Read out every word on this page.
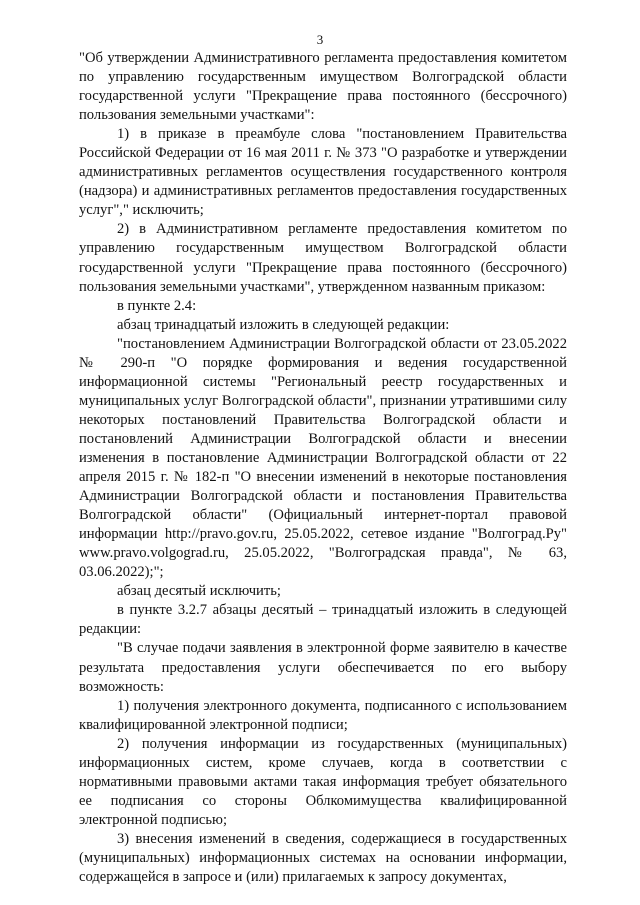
3

"Об утверждении Административного регламента предоставления комитетом по управлению государственным имуществом Волгоградской области государственной услуги "Прекращение права постоянного (бессрочного) пользования земельными участками":

1) в приказе в преамбуле слова "постановлением Правительства Российской Федерации от 16 мая 2011 г. № 373 "О разработке и утверждении административных регламентов осуществления государственного контроля (надзора) и административных регламентов предоставления государственных услуг"," исключить;

2) в Административном регламенте предоставления комитетом по управлению государственным имуществом Волгоградской области государственной услуги "Прекращение права постоянного (бессрочного) пользования земельными участками", утвержденном названным приказом:

в пункте 2.4:

абзац тринадцатый изложить в следующей редакции:

"постановлением Администрации Волгоградской области от 23.05.2022 № 290-п "О порядке формирования и ведения государственной информационной системы "Региональный реестр государственных и муниципальных услуг Волгоградской области", признании утратившими силу некоторых постановлений Правительства Волгоградской области и постановлений Администрации Волгоградской области и внесении изменения в постановление Администрации Волгоградской области от 22 апреля 2015 г. № 182-п "О внесении изменений в некоторые постановления Администрации Волгоградской области и постановления Правительства Волгоградской области" (Официальный интернет-портал правовой информации http://pravo.gov.ru, 25.05.2022, сетевое издание "Волгоград.Ру" www.pravo.volgograd.ru, 25.05.2022, "Волгоградская правда", № 63, 03.06.2022);";

абзац десятый исключить;

в пункте 3.2.7 абзацы десятый – тринадцатый изложить в следующей редакции:

"В случае подачи заявления в электронной форме заявителю в качестве результата предоставления услуги обеспечивается по его выбору возможность:

1) получения электронного документа, подписанного с использованием квалифицированной электронной подписи;

2) получения информации из государственных (муниципальных) информационных систем, кроме случаев, когда в соответствии с нормативными правовыми актами такая информация требует обязательного ее подписания со стороны Облкомимущества квалифицированной электронной подписью;

3) внесения изменений в сведения, содержащиеся в государственных (муниципальных) информационных системах на основании информации, содержащейся в запросе и (или) прилагаемых к запросу документах,
